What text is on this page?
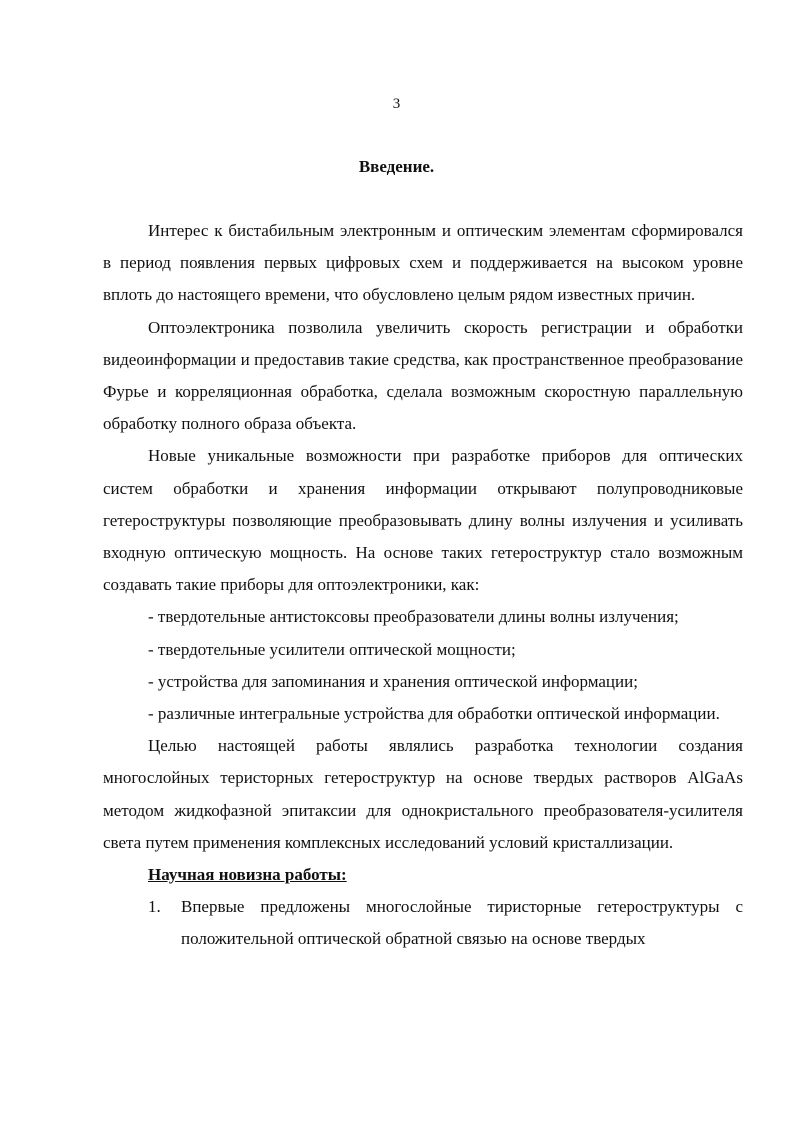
3
Введение.

Интерес к бистабильным электронным и оптическим элементам сформировался в период появления первых цифровых схем и поддерживается на высоком уровне вплоть до настоящего времени, что обусловлено целым рядом известных причин.

Оптоэлектроника позволила увеличить скорость регистрации и обработки видеоинформации и предоставив такие средства, как пространственное преобразование Фурье и корреляционная обработка, сделала возможным скоростную параллельную обработку полного образа объекта.

Новые уникальные возможности при разработке приборов для оптических систем обработки и хранения информации открывают полупроводниковые гетероструктуры позволяющие преобразовывать длину волны излучения и усиливать входную оптическую мощность. На основе таких гетероструктур стало возможным создавать такие приборы для оптоэлектроники, как:

- твердотельные антистоксовы преобразователи длины волны излучения;

- твердотельные усилители оптической мощности;

- устройства для запоминания и хранения оптической информации;

- различные интегральные устройства для обработки оптической информации.

Целью настоящей работы являлись разработка технологии создания многослойных теристорных гетероструктур на основе твердых растворов AlGaAs методом жидкофазной эпитаксии для однокристального преобразователя-усилителя света путем применения комплексных исследований условий кристаллизации.

Научная новизна работы:

1.	Впервые предложены многослойные тиристорные гетероструктуры с положительной оптической обратной связью на основе твердых
